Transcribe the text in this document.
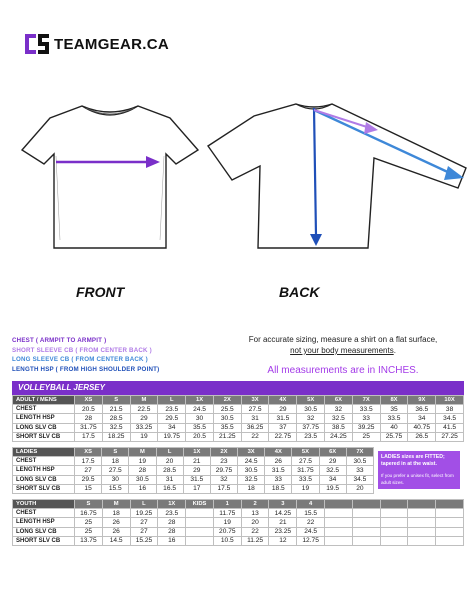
TEAMGEAR.CA
FRONT	BACK
CHEST ( ARMPIT TO ARMPIT )
SHORT SLEEVE CB ( FROM CENTER BACK )
LONG SLEEVE CB ( FROM CENTER BACK )
LENGTH HSP ( FROM HIGH SHOULDER POINT)
For accurate sizing, measure a shirt on a flat surface,
not your body measurements.
All measurements are in INCHES.
VOLLEYBALL JERSEY
ADULT / MENS	XS	S	M	L	1X	2X	3X	4X	5X	6X	7X	8X	9X	10X
CHEST	20.5	21.5	22.5	23.5	24.5	25.5	27.5	29	30.5	32	33.5	35	36.5	38
LENGTH HSP	28	28.5	29	29.5	30	30.5	31	31.5	32	32.5	33	33.5	34	34.5
LONG SLV CB	31.75	32.5	33.25	34	35.5	35.5	36.25	37	37.75	38.5	39.25	40	40.75	41.5
SHORT SLV CB	17.5	18.25	19	19.75	20.5	21.25	22	22.75	23.5	24.25	25	25.75	26.5	27.25
LADIES	XS	S	M	L	1X	2X	3X	4X	5X	6X	7X
CHEST	17.5	18	19	20	21	23	24.5	26	27.5	29	30.5
LENGTH HSP	27	27.5	28	28.5	29	29.75	30.5	31.5	31.75	32.5	33
LONG SLV CB	29.5	30	30.5	31	31.5	32	32.5	33	33.5	34	34.5
SHORT SLV CB	15	15.5	16	16.5	17	17.5	18	18.5	19	19.5	20
LADIES sizes are FITTED; tapered in at the waist.
If you prefer a unisex fit, select from adult sizes.
YOUTH	S	M	L	1X	KIDS	1	2	3	4					
CHEST	16.75	18	19.25	23.5		11.75	13	14.25	15.5					
LENGTH HSP	25	26	27	28		19	20	21	22					
LONG SLV CB	25	26	27	28		20.75	22	23.25	24.5					
SHORT SLV CB	13.75	14.5	15.25	16		10.5	11.25	12	12.75					
